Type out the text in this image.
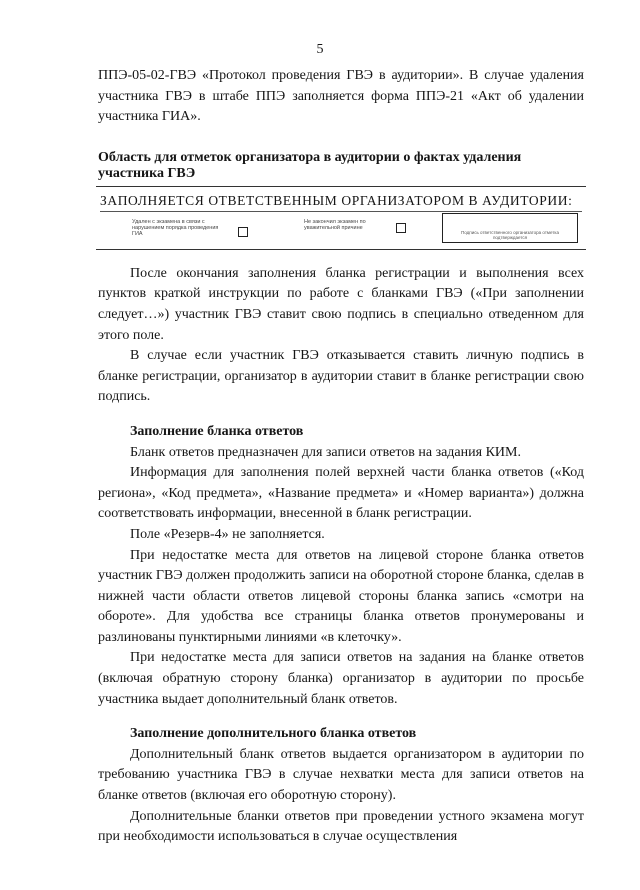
5

ППЭ-05-02-ГВЭ «Протокол проведения ГВЭ в аудитории». В случае удаления участника ГВЭ в штабе ППЭ заполняется форма ППЭ-21 «Акт об удалении участника ГИА».

Область для отметок организатора в аудитории о фактах удаления участника ГВЭ

ЗАПОЛНЯЕТСЯ ОТВЕТСТВЕННЫМ ОРГАНИЗАТОРОМ В АУДИТОРИИ:
Удален с экзамена в связи с нарушением порядка проведения ГИА
Не закончил экзамен по уважительной причине
Подпись ответственного организатора отметка подтверждается

После окончания заполнения бланка регистрации и выполнения всех пунктов краткой инструкции по работе с бланками ГВЭ («При заполнении следует…») участник ГВЭ ставит свою подпись в специально отведенном для этого поле.

В случае если участник ГВЭ отказывается ставить личную подпись в бланке регистрации, организатор в аудитории ставит в бланке регистрации свою подпись.

Заполнение бланка ответов

Бланк ответов предназначен для записи ответов на задания КИМ.

Информация для заполнения полей верхней части бланка ответов («Код региона», «Код предмета», «Название предмета» и «Номер варианта») должна соответствовать информации, внесенной в бланк регистрации.

Поле «Резерв-4» не заполняется.

При недостатке места для ответов на лицевой стороне бланка ответов участник ГВЭ должен продолжить записи на оборотной стороне бланка, сделав в нижней части области ответов лицевой стороны бланка запись «смотри на обороте». Для удобства все страницы бланка ответов пронумерованы и разлинованы пунктирными линиями «в клеточку».

При недостатке места для записи ответов на задания на бланке ответов (включая обратную сторону бланка) организатор в аудитории по просьбе участника выдает дополнительный бланк ответов.

Заполнение дополнительного бланка ответов

Дополнительный бланк ответов выдается организатором в аудитории по требованию участника ГВЭ в случае нехватки места для записи ответов на бланке ответов (включая его оборотную сторону).

Дополнительные бланки ответов при проведении устного экзамена могут при необходимости использоваться в случае осуществления
